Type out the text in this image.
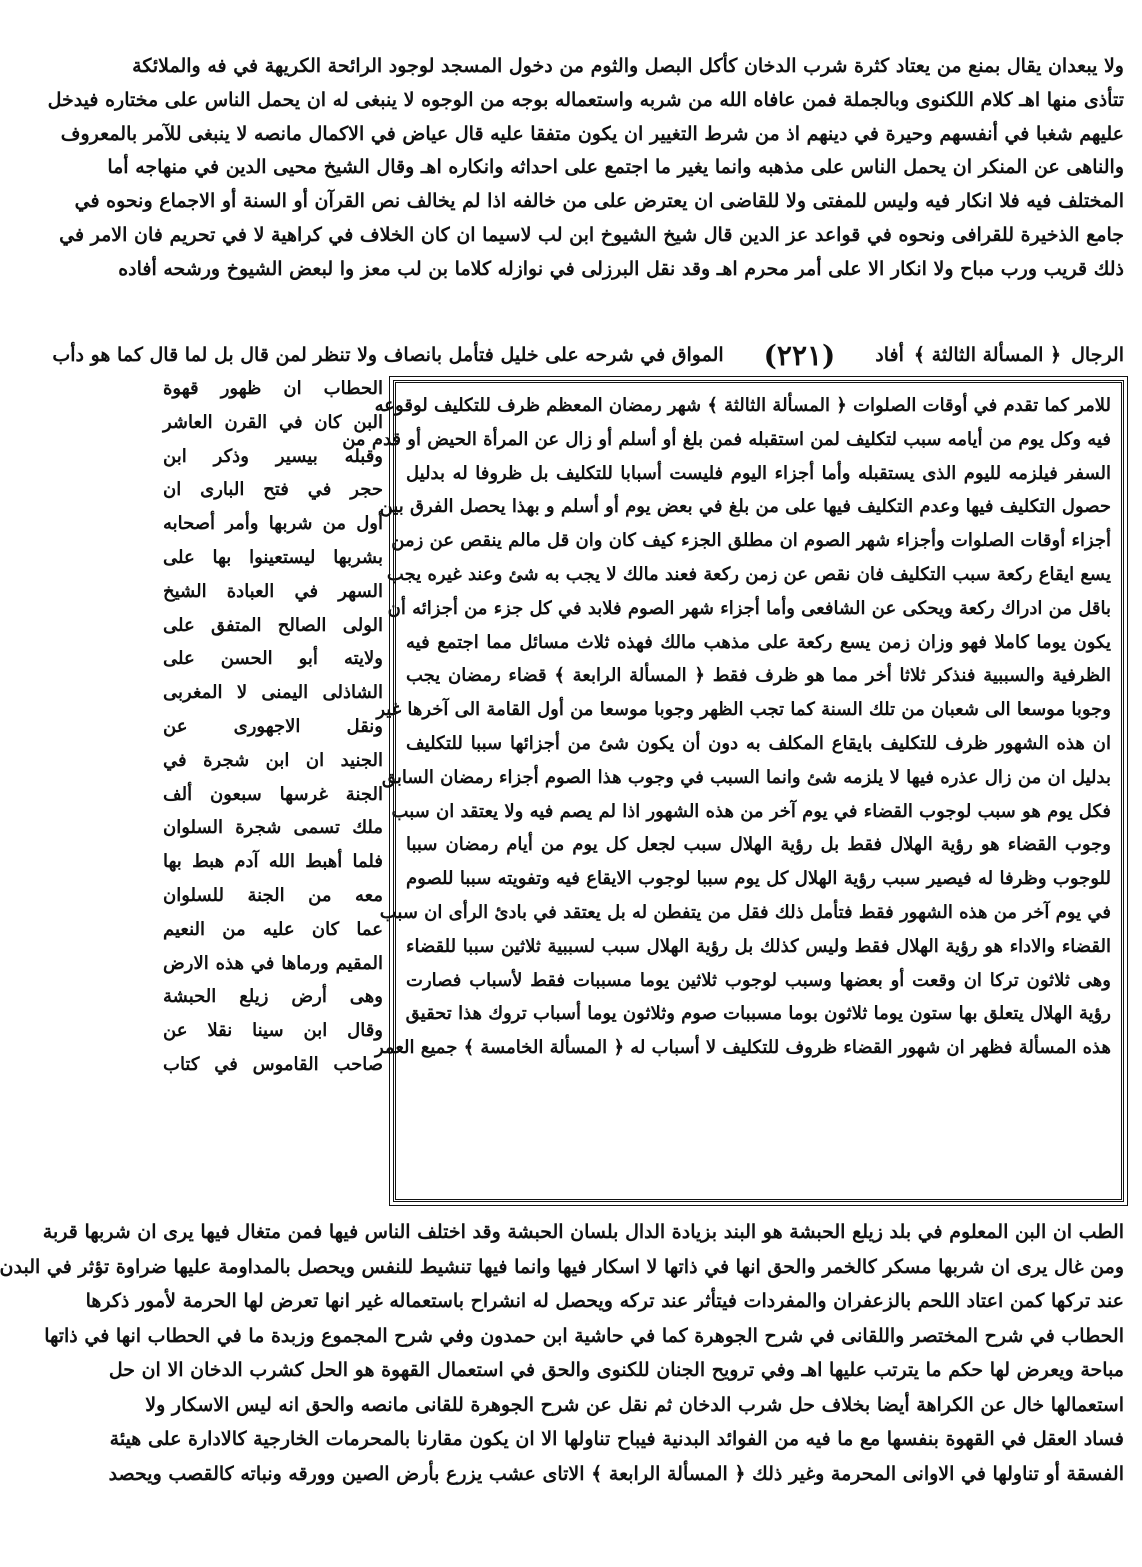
ولا يبعدان يقال بمنع من يعتاد كثرة شرب الدخان كأكل البصل والثوم من دخول المسجد لوجود الرائحة الكريهة في فه والملائكة
تتأذى منها اهـ كلام اللكنوى وبالجملة فمن عافاه الله من شربه واستعماله بوجه من الوجوه لا ينبغى له ان يحمل الناس على مختاره فيدخل
عليهم شغبا في أنفسهم وحيرة في دينهم اذ من شرط التغيير ان يكون متفقا عليه قال عياض في الاكمال مانصه لا ينبغى للآمر بالمعروف
والناهى عن المنكر ان يحمل الناس على مذهبه وانما يغير ما اجتمع على احداثه وانكاره اهـ وقال الشيخ محيى الدين في منهاجه أما
المختلف فيه فلا انكار فيه وليس للمفتى ولا للقاضى ان يعترض على من خالفه اذا لم يخالف نص القرآن أو السنة أو الاجماع ونحوه في
جامع الذخيرة للقرافى ونحوه في قواعد عز الدين قال شيخ الشيوخ ابن لب لاسيما ان كان الخلاف في كراهية لا في تحريم فان الامر في
ذلك قريب ورب مباح ولا انكار الا على أمر محرم اهـ وقد نقل البرزلى في نوازله كلاما بن لب معز وا لبعض الشيوخ ورشحه أفاده
الرجال
﴿ المسألة الثالثة ﴾
أفاد
(٢٢١)
المواق في شرحه على خليل فتأمل بانصاف ولا تنظر لمن قال بل لما قال كما هو دأب
للامر كما تقدم في أوقات الصلوات ﴿ المسألة الثالثة ﴾ شهر رمضان المعظم ظرف للتكليف لوقوعه
فيه وكل يوم من أيامه سبب لتكليف لمن استقبله فمن بلغ أو أسلم أو زال عن المرأة الحيض أو قدم من
السفر فيلزمه لليوم الذى يستقبله وأما أجزاء اليوم فليست أسبابا للتكليف بل ظروفا له بدليل
حصول التكليف فيها وعدم التكليف فيها على من بلغ في بعض يوم أو أسلم و بهذا يحصل الفرق بين
أجزاء أوقات الصلوات وأجزاء شهر الصوم ان مطلق الجزء كيف كان وان قل مالم ينقص عن زمن
يسع ايقاع ركعة سبب التكليف فان نقص عن زمن ركعة فعند مالك لا يجب به شئ وعند غيره يجب
باقل من ادراك ركعة ويحكى عن الشافعى وأما أجزاء شهر الصوم فلابد في كل جزء من أجزائه أن
يكون يوما كاملا فهو وزان زمن يسع ركعة على مذهب مالك فهذه ثلاث مسائل مما اجتمع فيه
الظرفية والسببية فنذكر ثلاثا أخر مما هو ظرف فقط ﴿ المسألة الرابعة ﴾ قضاء رمضان يجب
وجوبا موسعا الى شعبان من تلك السنة كما تجب الظهر وجوبا موسعا من أول القامة الى آخرها غير
ان هذه الشهور ظرف للتكليف بايقاع المكلف به دون أن يكون شئ من أجزائها سببا للتكليف
بدليل ان من زال عذره فيها لا يلزمه شئ وانما السبب في وجوب هذا الصوم أجزاء رمضان السابق
فكل يوم هو سبب لوجوب القضاء في يوم آخر من هذه الشهور اذا لم يصم فيه ولا يعتقد ان سبب
وجوب القضاء هو رؤية الهلال فقط بل رؤية الهلال سبب لجعل كل يوم من أيام رمضان سببا
للوجوب وظرفا له فيصير سبب رؤية الهلال كل يوم سببا لوجوب الايقاع فيه وتفويته سببا للصوم
في يوم آخر من هذه الشهور فقط فتأمل ذلك فقل من يتفطن له بل يعتقد في بادئ الرأى ان سبب
القضاء والاداء هو رؤية الهلال فقط وليس كذلك بل رؤية الهلال سبب لسببية ثلاثين سببا للقضاء
وهى ثلاثون تركا ان وقعت أو بعضها وسبب لوجوب ثلاثين يوما مسببات فقط لأسباب فصارت
رؤية الهلال يتعلق بها ستون يوما ثلاثون بوما مسببات صوم وثلاثون يوما أسباب تروك هذا تحقيق
هذه المسألة فظهر ان شهور القضاء ظروف للتكليف لا أسباب له ﴿ المسألة الخامسة ﴾ جميع العمر
الحطاب ان ظهور قهوة
البن كان في القرن العاشر
وقبله بيسير وذكر ابن
حجر في فتح البارى ان
أول من شربها وأمر أصحابه
بشربها ليستعينوا بها على
السهر في العبادة الشيخ
الولى الصالح المتفق على
ولايته أبو الحسن على
الشاذلى اليمنى لا المغربى
ونقل الاجهورى عن
الجنيد ان ابن شجرة في
الجنة غرسها سبعون ألف
ملك تسمى شجرة السلوان
فلما أهبط الله آدم هبط بها
معه من الجنة للسلوان
عما كان عليه من النعيم
المقيم ورماها في هذه الارض
وهى أرض زيلع الحبشة
وقال ابن سينا نقلا عن
صاحب القاموس في كتاب
الطب ان البن المعلوم في بلد زيلع الحبشة هو البند بزيادة الدال بلسان الحبشة وقد اختلف الناس فيها فمن متغال فيها يرى ان شربها قربة
ومن غال يرى ان شربها مسكر كالخمر والحق انها في ذاتها لا اسكار فيها وانما فيها تنشيط للنفس ويحصل بالمداومة عليها ضراوة تؤثر في البدن
عند تركها كمن اعتاد اللحم بالزعفران والمفردات فيتأثر عند تركه ويحصل له انشراح باستعماله غير انها تعرض لها الحرمة لأمور ذكرها
الحطاب في شرح المختصر واللقانى في شرح الجوهرة كما في حاشية ابن حمدون وفي شرح المجموع وزبدة ما في الحطاب انها في ذاتها
مباحة ويعرض لها حكم ما يترتب عليها اهـ وفي ترويح الجنان للكنوى والحق في استعمال القهوة هو الحل كشرب الدخان الا ان حل
استعمالها خال عن الكراهة أيضا بخلاف حل شرب الدخان ثم نقل عن شرح الجوهرة للقانى مانصه والحق انه ليس الاسكار ولا
فساد العقل في القهوة بنفسها مع ما فيه من الفوائد البدنية فيباح تناولها الا ان يكون مقارنا بالمحرمات الخارجية كالادارة على هيئة
الفسقة أو تناولها في الاوانى المحرمة وغير ذلك ﴿ المسألة الرابعة ﴾ الاتاى عشب يزرع بأرض الصين وورقه ونباته كالقصب ويحصد
